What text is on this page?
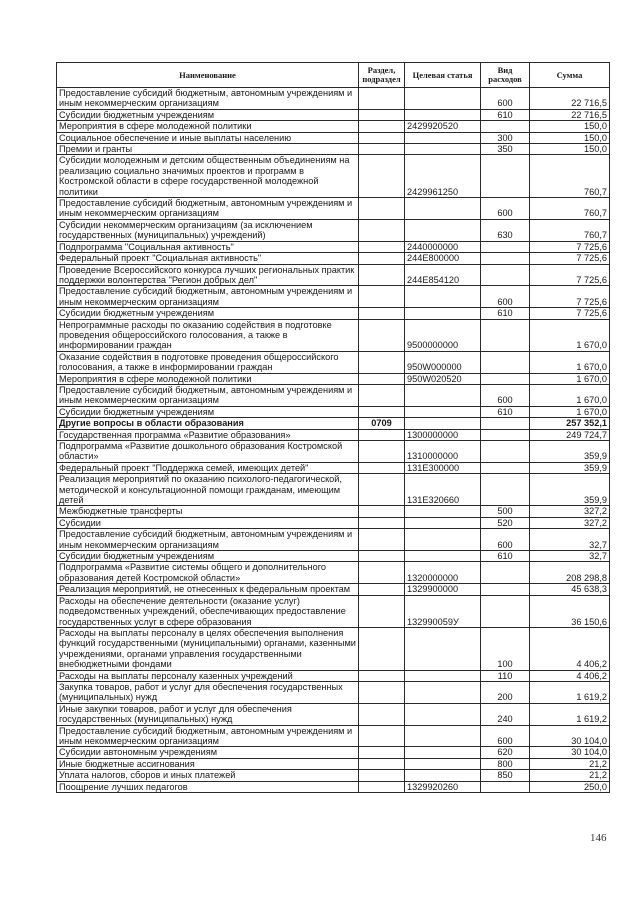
Наименование	Раздел, подраздел	Целевая статья	Вид расходов	Сумма
Предоставление субсидий бюджетным, автономным учреждениям и иным некоммерческим организациям			600	22 716,5
Субсидии бюджетным учреждениям			610	22 716,5
Мероприятия в сфере молодежной политики		2429920520		150,0
Социальное обеспечение и иные выплаты населению			300	150,0
Премии и гранты			350	150,0
Субсидии молодежным и детским общественным объединениям на реализацию социально значимых проектов и программ в Костромской области в сфере государственной молодежной политики		2429961250		760,7
Предоставление субсидий бюджетным, автономным учреждениям и иным некоммерческим организациям			600	760,7
Субсидии некоммерческим организациям (за исключением государственных (муниципальных) учреждений)			630	760,7
Подпрограмма "Социальная активность"		2440000000		7 725,6
Федеральный проект "Социальная активность"		244E800000		7 725,6
Проведение Всероссийского конкурса лучших региональных практик поддержки волонтерства "Регион добрых дел"		244E854120		7 725,6
Предоставление субсидий бюджетным, автономным учреждениям и иным некоммерческим организациям			600	7 725,6
Субсидии бюджетным учреждениям			610	7 725,6
Непрограммные расходы по оказанию содействия в подготовке проведения общероссийского голосования, а также в информировании граждан		9500000000		1 670,0
Оказание содействия в подготовке проведения общероссийского голосования, а также в информировании граждан		950W000000		1 670,0
Мероприятия в сфере молодежной политики		950W020520		1 670,0
Предоставление субсидий бюджетным, автономным учреждениям и иным некоммерческим организациям			600	1 670,0
Субсидии бюджетным учреждениям			610	1 670,0
Другие вопросы в области образования	0709			257 352,1
Государственная программа «Развитие образования»		1300000000		249 724,7
Подпрограмма «Развитие дошкольного образования Костромской области»		1310000000		359,9
Федеральный проект "Поддержка семей, имеющих детей"		131E300000		359,9
Реализация мероприятий по оказанию психолого-педагогической, методической и консультационной помощи гражданам, имеющим детей		131E320660		359,9
Межбюджетные трансферты			500	327,2
Субсидии			520	327,2
Предоставление субсидий бюджетным, автономным учреждениям и иным некоммерческим организациям			600	32,7
Субсидии бюджетным учреждениям			610	32,7
Подпрограмма «Развитие системы общего и дополнительного образования детей Костромской области»		1320000000		208 298,8
Реализация мероприятий, не отнесенных к федеральным проектам		1329900000		45 638,3
Расходы на обеспечение деятельности (оказание услуг) подведомственных учреждений, обеспечивающих предоставление государственных услуг в сфере образования		132990059У		36 150,6
Расходы на выплаты персоналу в целях обеспечения выполнения функций государственными (муниципальными) органами, казенными учреждениями, органами управления государственными внебюджетными фондами			100	4 406,2
Расходы на выплаты персоналу казенных учреждений			110	4 406,2
Закупка товаров, работ и услуг для обеспечения государственных (муниципальных) нужд			200	1 619,2
Иные закупки товаров, работ и услуг для обеспечения государственных (муниципальных) нужд			240	1 619,2
Предоставление субсидий бюджетным, автономным учреждениям и иным некоммерческим организациям			600	30 104,0
Субсидии автономным учреждениям			620	30 104,0
Иные бюджетные ассигнования			800	21,2
Уплата налогов, сборов и иных платежей			850	21,2
Поощрение лучших педагогов		1329920260		250,0
146
